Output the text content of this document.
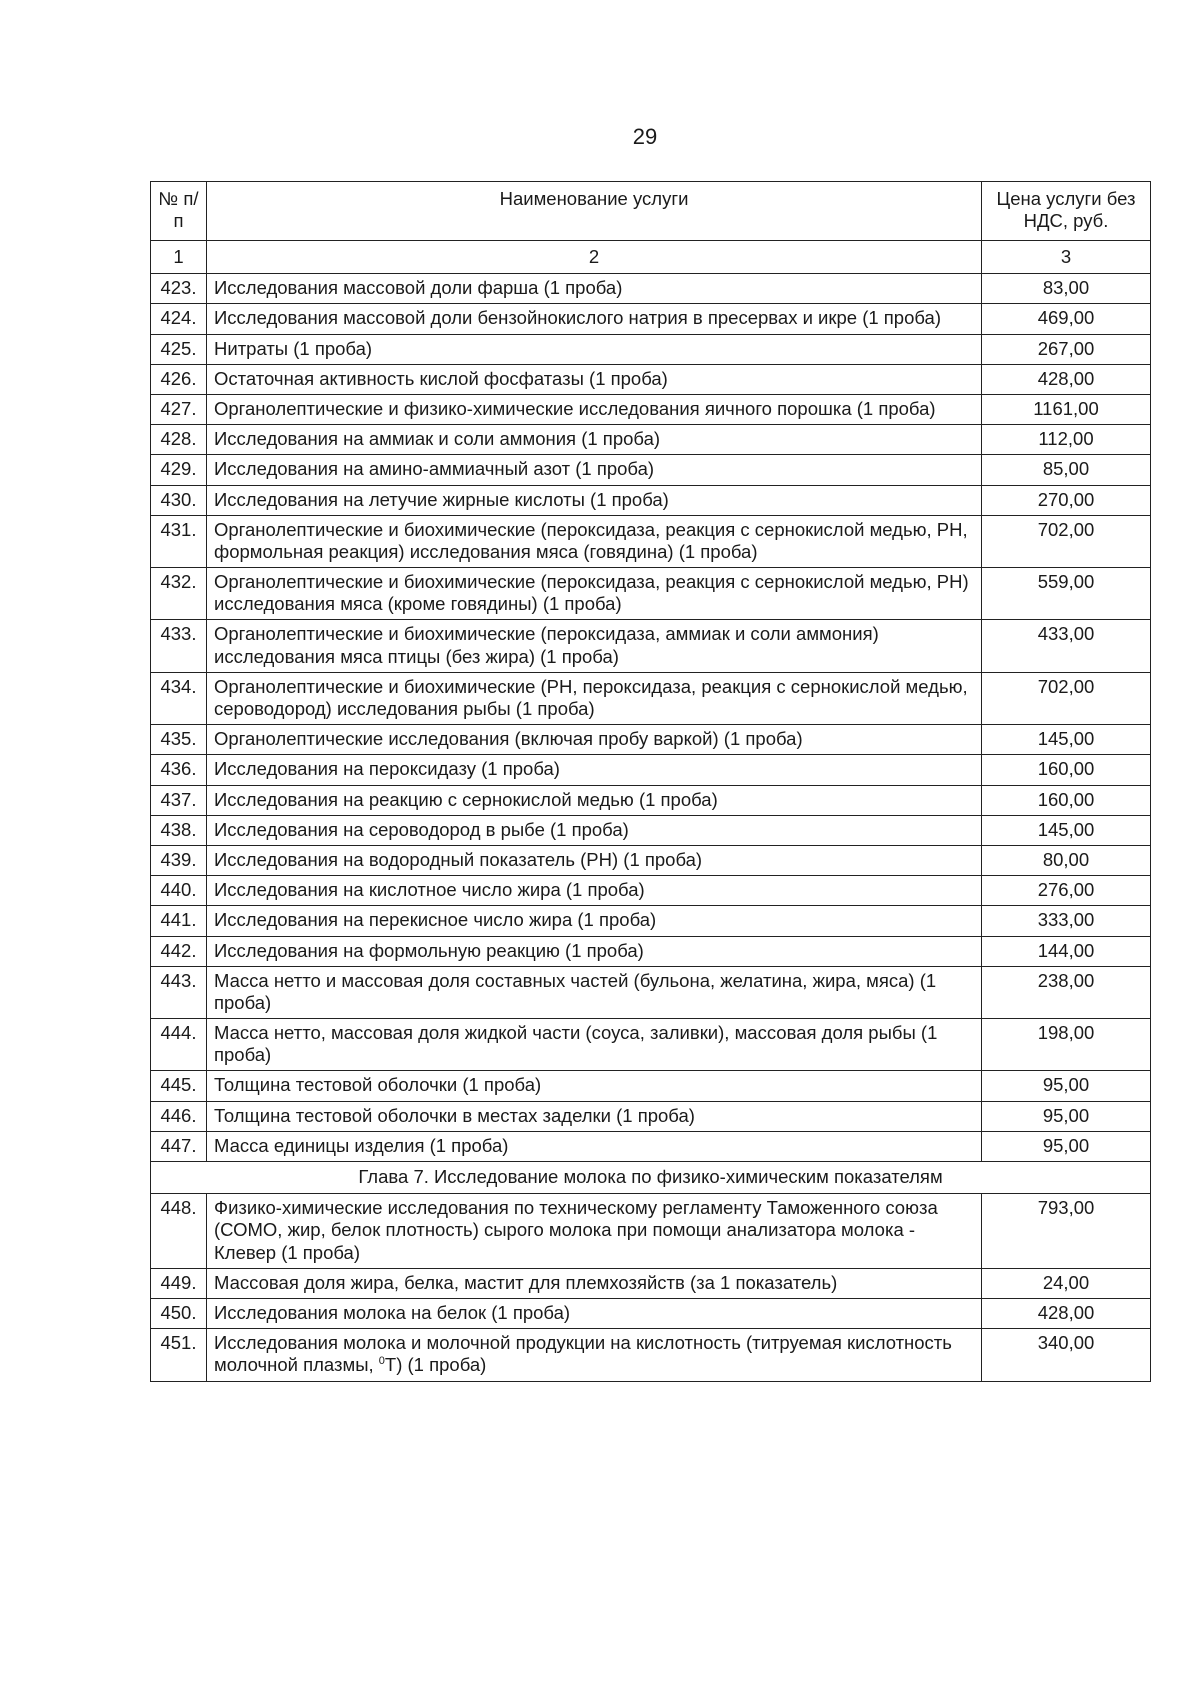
29
№ п/п	Наименование услуги	Цена услуги без НДС, руб.
1	2	3
423.	Исследования массовой доли фарша (1 проба)	83,00
424.	Исследования массовой доли бензойнокислого натрия в пресервах и икре (1 проба)	469,00
425.	Нитраты (1 проба)	267,00
426.	Остаточная активность кислой фосфатазы (1 проба)	428,00
427.	Органолептические и физико-химические исследования яичного порошка (1 проба)	1161,00
428.	Исследования на аммиак и соли аммония (1 проба)	112,00
429.	Исследования на амино-аммиачный азот (1 проба)	85,00
430.	Исследования на летучие жирные кислоты (1 проба)	270,00
431.	Органолептические и биохимические (пероксидаза, реакция с сернокислой медью, РН, формольная реакция) исследования мяса (говядина) (1 проба)	702,00
432.	Органолептические и биохимические (пероксидаза, реакция с сернокислой медью, РН) исследования мяса (кроме говядины) (1 проба)	559,00
433.	Органолептические и биохимические (пероксидаза, аммиак и соли аммония) исследования мяса птицы (без жира) (1 проба)	433,00
434.	Органолептические и биохимические (РН, пероксидаза, реакция с сернокислой медью, сероводород) исследования рыбы (1 проба)	702,00
435.	Органолептические исследования (включая пробу варкой) (1 проба)	145,00
436.	Исследования на пероксидазу (1 проба)	160,00
437.	Исследования на реакцию с сернокислой медью (1 проба)	160,00
438.	Исследования на сероводород в рыбе (1 проба)	145,00
439.	Исследования на водородный показатель (РН) (1 проба)	80,00
440.	Исследования на кислотное число жира (1 проба)	276,00
441.	Исследования на перекисное число жира (1 проба)	333,00
442.	Исследования на формольную реакцию (1 проба)	144,00
443.	Масса нетто и массовая доля составных частей (бульона, желатина, жира, мяса) (1 проба)	238,00
444.	Масса нетто, массовая доля жидкой части (соуса, заливки), массовая доля рыбы (1 проба)	198,00
445.	Толщина тестовой оболочки (1 проба)	95,00
446.	Толщина тестовой оболочки в местах заделки (1 проба)	95,00
447.	Масса единицы изделия (1 проба)	95,00
Глава 7. Исследование молока по физико-химическим показателям		
448.	Физико-химические исследования по техническому регламенту Таможенного союза (СОМО, жир, белок плотность) сырого молока при помощи анализатора молока - Клевер (1 проба)	793,00
449.	Массовая доля жира, белка, мастит для племхозяйств (за 1 показатель)	24,00
450.	Исследования молока на белок (1 проба)	428,00
451.	Исследования молока и молочной продукции на кислотность (титруемая кислотность молочной плазмы, $^0$Т) (1 проба)	340,00
